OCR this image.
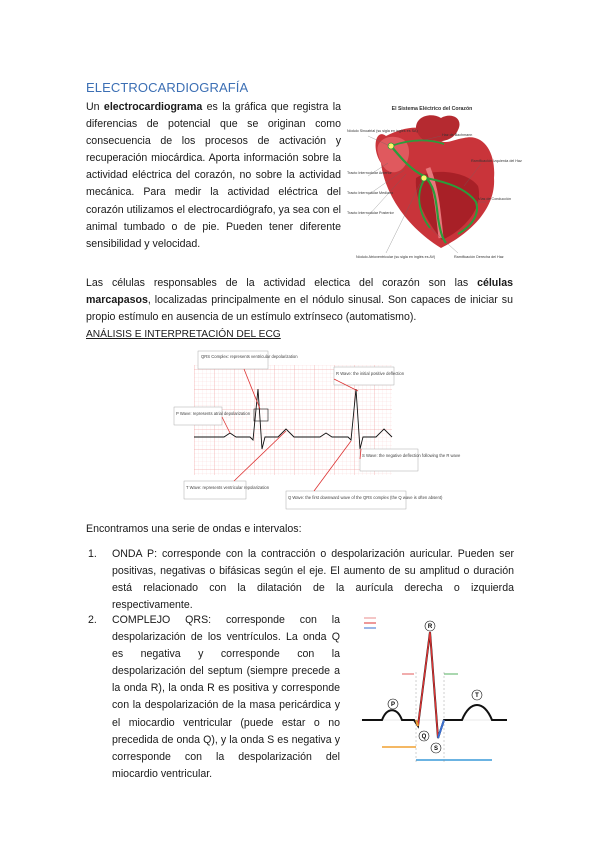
ELECTROCARDIOGRAFÍA

Un electrocardiograma es la gráfica que registra la diferencias de potencial que se originan como consecuencia de los procesos de activación y recuperación miocárdica. Aporta información sobre la actividad eléctrica del corazón, no sobre la actividad mecánica. Para medir la actividad eléctrica del corazón utilizamos el electrocardiógrafo, ya sea con el animal tumbado o de pie. Pueden tener diferente sensibilidad y velocidad.

El Sistema Eléctrico del Corazón
Nódulo Sinoatrial (su sigla en inglés es SA)
Haz de Bachmann
Tracto Internodular Anterior
Tracto Internodular Mediano
Tracto Internodular Posterior
Nódulo Atrioventricular (su sigla en inglés es AV)
Ramificación Izquierda del Haz
Vías de Conducción
Ramificación Derecha del Haz

Las células responsables de la actividad electica del corazón son las células marcapasos, localizadas principalmente en el nódulo sinusal. Son capaces de iniciar su propio estímulo en ausencia de un estímulo extrínseco (automatismo).

ANÁLISIS E INTERPRETACIÓN DEL ECG

QRS Complex: represents ventricular depolarization
R Wave: the initial positive deflection
P Wave: represents atrial depolarization
S Wave: the negative deflection following the R wave
T Wave: represents ventricular repolarization
Q Wave: the first downward wave of the QRS complex (the Q wave is often absent)

Encontramos una serie de ondas e intervalos:

1. ONDA P: corresponde con la contracción o despolarización auricular. Pueden ser positivas, negativas o bifásicas según el eje. El aumento de su amplitud o duración está relacionado con la dilatación de la aurícula derecha o izquierda respectivamente.
2. COMPLEJO QRS: corresponde con la despolarización de los ventrículos. La onda Q es negativa y corresponde con la despolarización del septum (siempre precede a la onda R), la onda R es positiva y corresponde con la despolarización de la masa pericárdica y el miocardio ventricular (puede estar o no precedida de onda Q), y la onda S es negativa y corresponde con la despolarización del miocardio ventricular.
R
P
Q
S
T
